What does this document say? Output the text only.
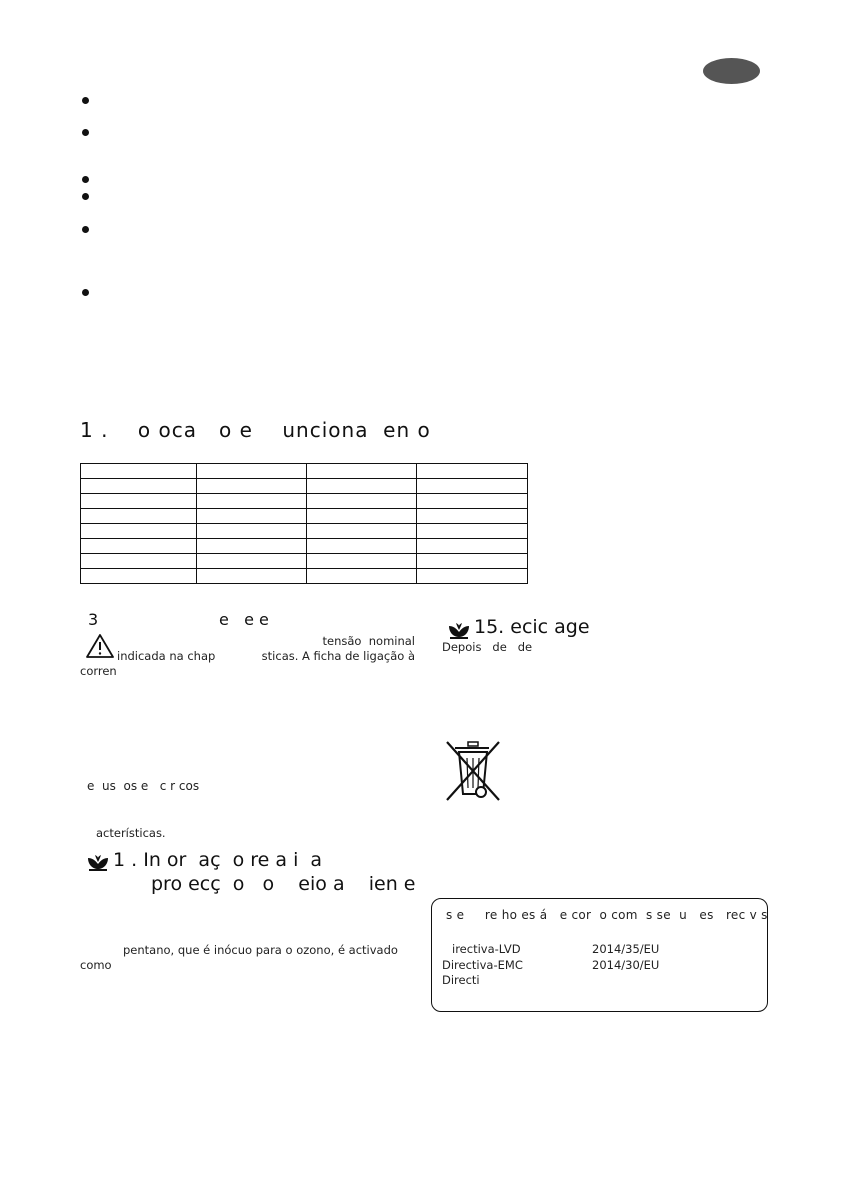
1 . o oca   o e    unciona  en o

3	e   e e
tensão  nominal
indicada na chap	sticas. A ficha de ligação à
corren
e  us  os e   c r cos
acterísticas.
1 . In or  aç  o re a i  a
pro ecç  o   o    eio a    ien e
pentano, que é inócuo para o ozono, é activado
como
15. ecic age
Depois   de   de
s e     re ho es á   e cor  o com  s se  u   es   rec v s
irectiva-LVD	2014/35/EU
Directiva-EMC	2014/30/EU
Directi
